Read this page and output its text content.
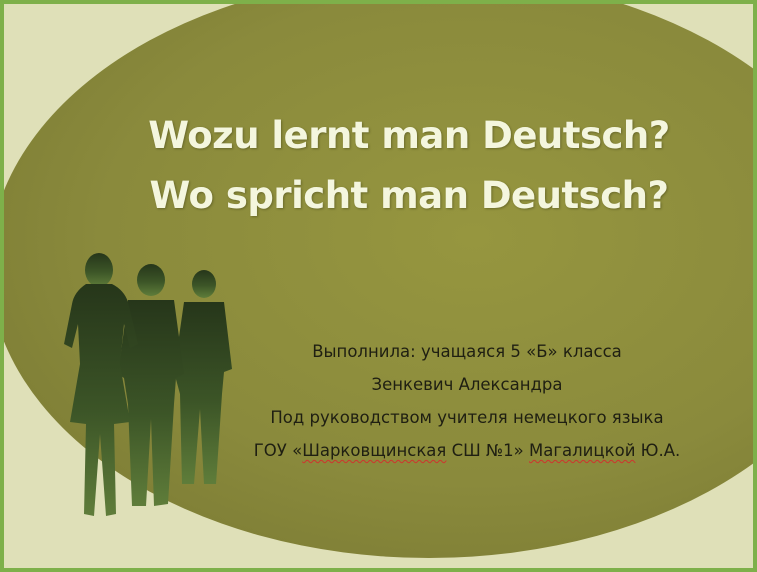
Wozu lernt man Deutsch?
Wo spricht man Deutsch?
Выполнила: учащаяся 5 «Б» класса
Зенкевич Александра
Под руководством учителя немецкого языка
ГОУ «Шарковщинская СШ №1» Магалицкой Ю.А.
